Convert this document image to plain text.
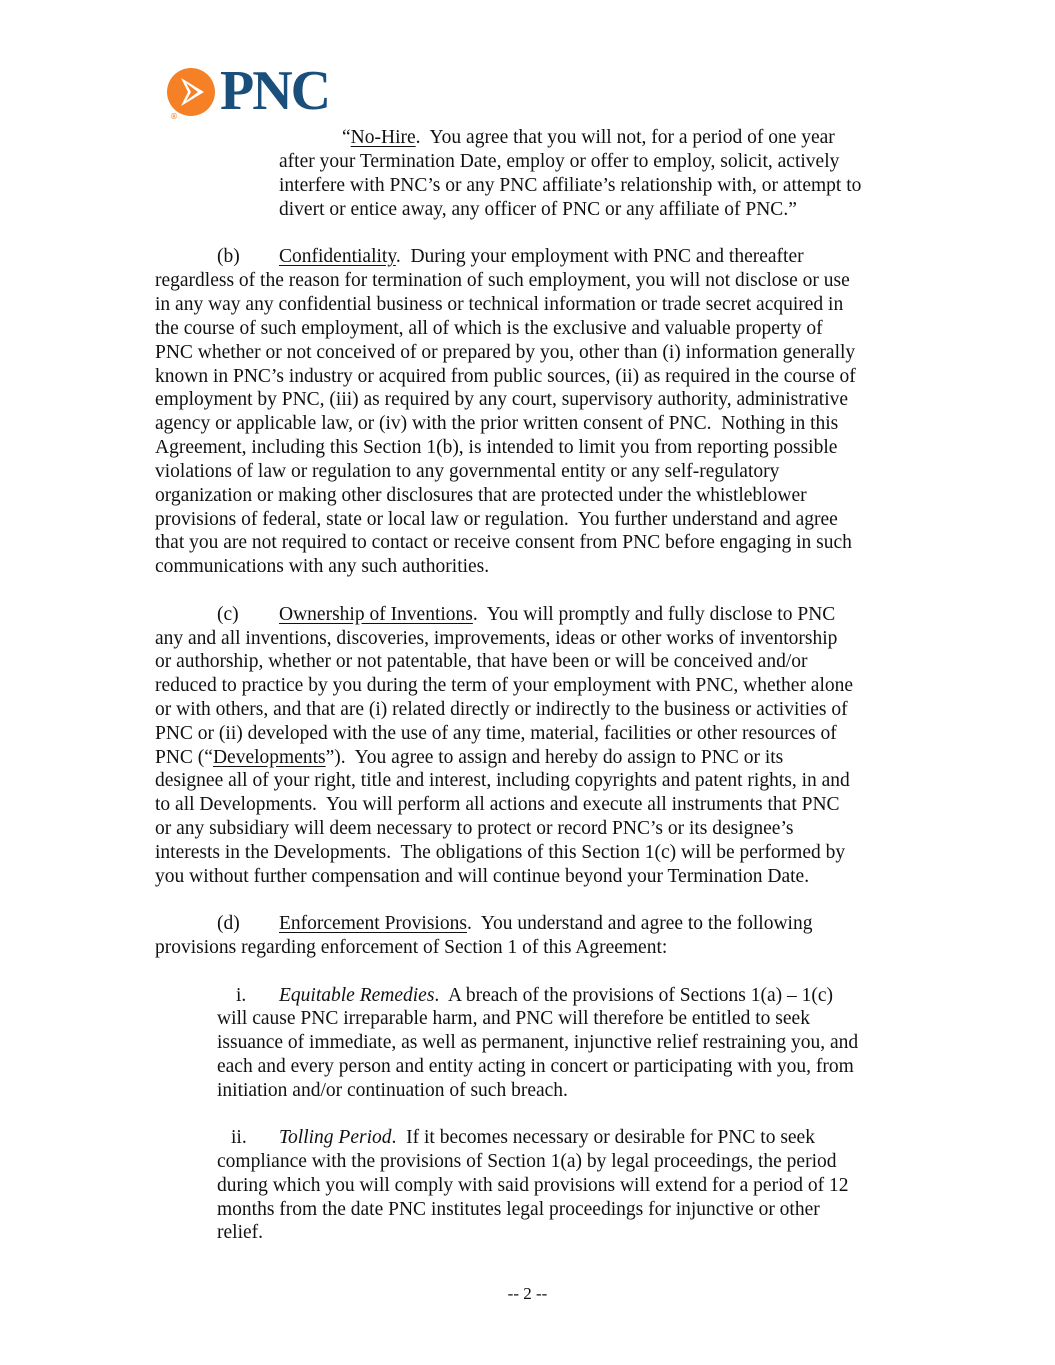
® PNC
“No-Hire.  You agree that you will not, for a period of one year
after your Termination Date, employ or offer to employ, solicit, actively
interfere with PNC’s or any PNC affiliate’s relationship with, or attempt to
divert or entice away, any officer of PNC or any affiliate of PNC.”
(b) Confidentiality.  During your employment with PNC and thereafter
regardless of the reason for termination of such employment, you will not disclose or use
in any way any confidential business or technical information or trade secret acquired in
the course of such employment, all of which is the exclusive and valuable property of
PNC whether or not conceived of or prepared by you, other than (i) information generally
known in PNC’s industry or acquired from public sources, (ii) as required in the course of
employment by PNC, (iii) as required by any court, supervisory authority, administrative
agency or applicable law, or (iv) with the prior written consent of PNC.  Nothing in this
Agreement, including this Section 1(b), is intended to limit you from reporting possible
violations of law or regulation to any governmental entity or any self-regulatory
organization or making other disclosures that are protected under the whistleblower
provisions of federal, state or local law or regulation.  You further understand and agree
that you are not required to contact or receive consent from PNC before engaging in such
communications with any such authorities.
(c) Ownership of Inventions.  You will promptly and fully disclose to PNC
any and all inventions, discoveries, improvements, ideas or other works of inventorship
or authorship, whether or not patentable, that have been or will be conceived and/or
reduced to practice by you during the term of your employment with PNC, whether alone
or with others, and that are (i) related directly or indirectly to the business or activities of
PNC or (ii) developed with the use of any time, material, facilities or other resources of
PNC (“Developments”).  You agree to assign and hereby do assign to PNC or its
designee all of your right, title and interest, including copyrights and patent rights, in and
to all Developments.  You will perform all actions and execute all instruments that PNC
or any subsidiary will deem necessary to protect or record PNC’s or its designee’s
interests in the Developments.  The obligations of this Section 1(c) will be performed by
you without further compensation and will continue beyond your Termination Date.
(d) Enforcement Provisions.  You understand and agree to the following
provisions regarding enforcement of Section 1 of this Agreement:
i. Equitable Remedies.  A breach of the provisions of Sections 1(a) – 1(c)
will cause PNC irreparable harm, and PNC will therefore be entitled to seek
issuance of immediate, as well as permanent, injunctive relief restraining you, and
each and every person and entity acting in concert or participating with you, from
initiation and/or continuation of such breach.
ii. Tolling Period.  If it becomes necessary or desirable for PNC to seek
compliance with the provisions of Section 1(a) by legal proceedings, the period
during which you will comply with said provisions will extend for a period of 12
months from the date PNC institutes legal proceedings for injunctive or other
relief.
-- 2 --
